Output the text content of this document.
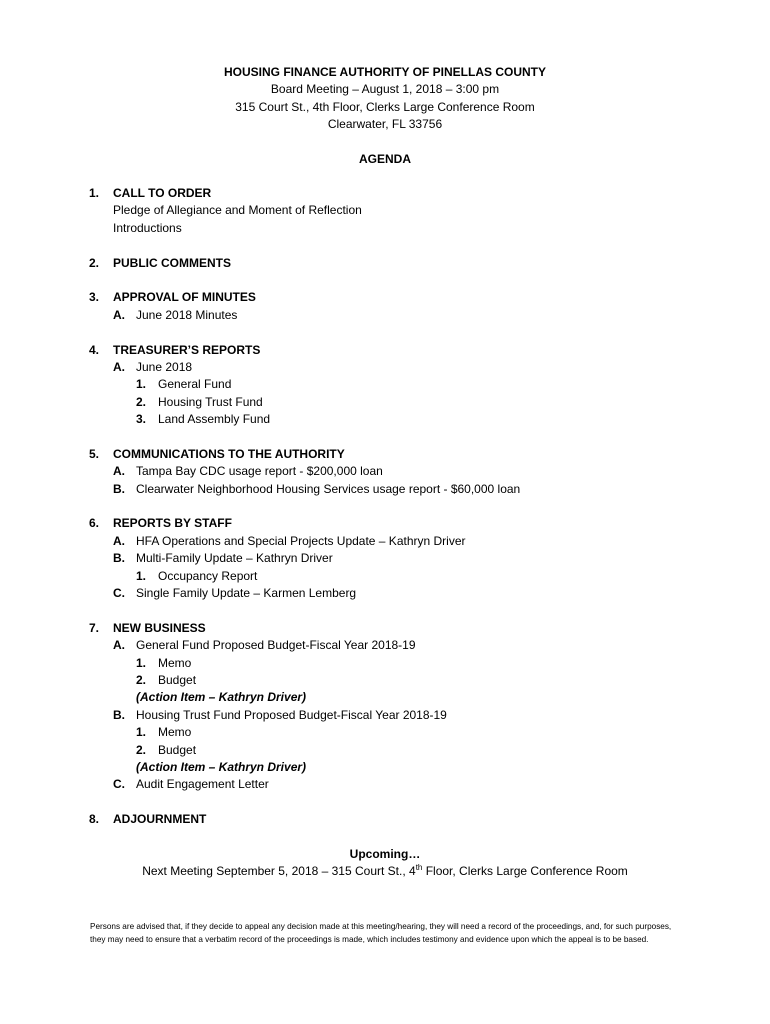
HOUSING FINANCE AUTHORITY OF PINELLAS COUNTY
Board Meeting – August 1, 2018 – 3:00 pm
315 Court St., 4th Floor, Clerks Large Conference Room
Clearwater, FL 33756
AGENDA
1. CALL TO ORDER
Pledge of Allegiance and Moment of Reflection
Introductions
2. PUBLIC COMMENTS
3. APPROVAL OF MINUTES
A. June 2018 Minutes
4. TREASURER’S REPORTS
A. June 2018
1. General Fund
2. Housing Trust Fund
3. Land Assembly Fund
5. COMMUNICATIONS TO THE AUTHORITY
A. Tampa Bay CDC usage report - $200,000 loan
B. Clearwater Neighborhood Housing Services usage report - $60,000 loan
6. REPORTS BY STAFF
A. HFA Operations and Special Projects Update – Kathryn Driver
B. Multi-Family Update – Kathryn Driver
1. Occupancy Report
C. Single Family Update – Karmen Lemberg
7. NEW BUSINESS
A. General Fund Proposed Budget-Fiscal Year 2018-19
1. Memo
2. Budget
(Action Item – Kathryn Driver)
B. Housing Trust Fund Proposed Budget-Fiscal Year 2018-19
1. Memo
2. Budget
(Action Item – Kathryn Driver)
C. Audit Engagement Letter
8. ADJOURNMENT
Upcoming…
Next Meeting September 5, 2018 – 315 Court St., 4th Floor, Clerks Large Conference Room
Persons are advised that, if they decide to appeal any decision made at this meeting/hearing, they will need a record of the proceedings, and, for such purposes, they may need to ensure that a verbatim record of the proceedings is made, which includes testimony and evidence upon which the appeal is to be based.
